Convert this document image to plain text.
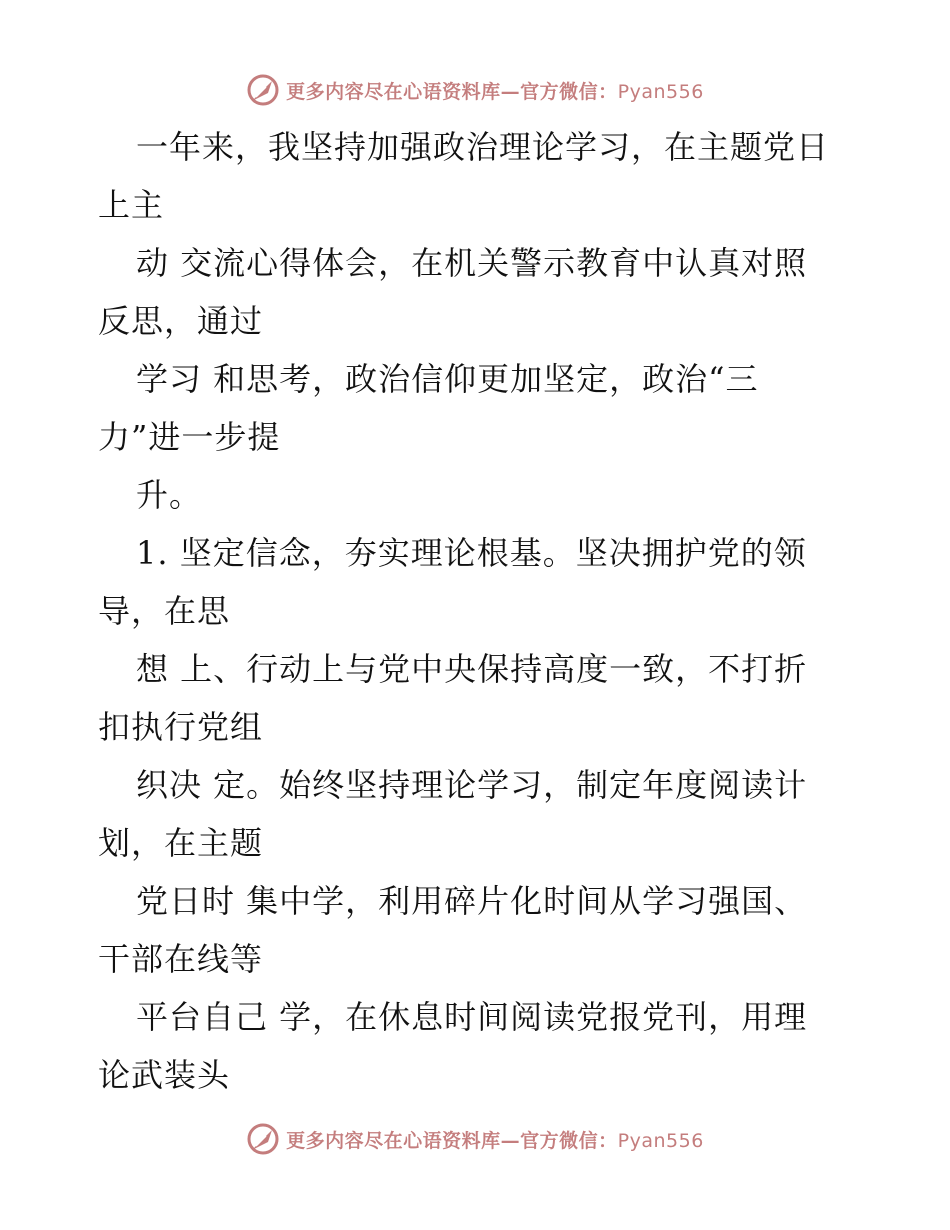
更多内容尽在心语资料库—官方微信：Pyan556
一年来，我坚持加强政治理论学习，在主题党日
上主
动 交流心得体会，在机关警示教育中认真对照
反思，通过
学习 和思考，政治信仰更加坚定，政治“三
力”进一步提
升。
1. 坚定信念，夯实理论根基。坚决拥护党的领
导，在思
想 上、行动上与党中央保持高度一致，不打折
扣执行党组
织决 定。始终坚持理论学习，制定年度阅读计
划，在主题
党日时 集中学，利用碎片化时间从学习强国、
干部在线等
平台自己 学，在休息时间阅读党报党刊，用理
论武装头
更多内容尽在心语资料库—官方微信：Pyan556
